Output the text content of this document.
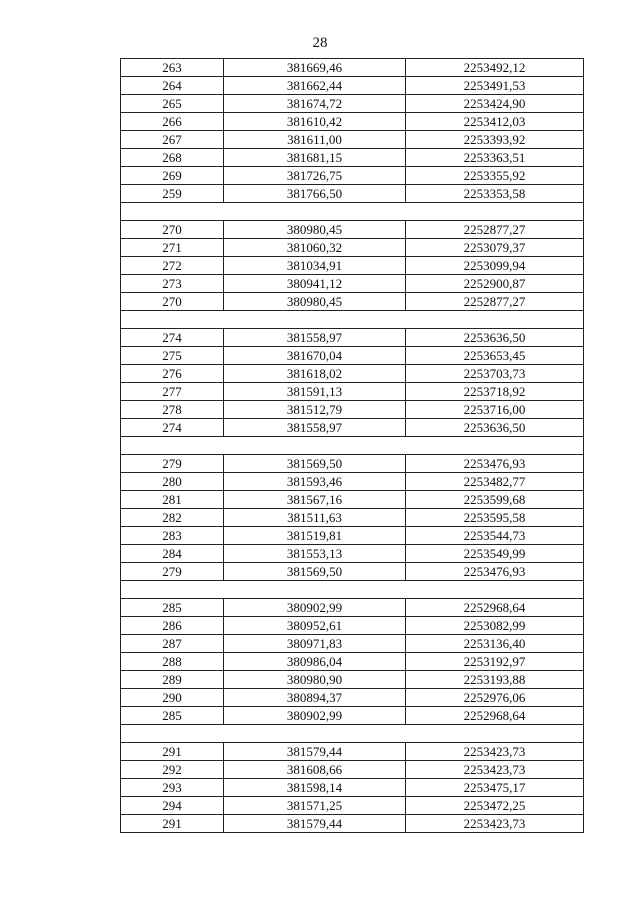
28
263	381669,46	2253492,12
264	381662,44	2253491,53
265	381674,72	2253424,90
266	381610,42	2253412,03
267	381611,00	2253393,92
268	381681,15	2253363,51
269	381726,75	2253355,92
259	381766,50	2253353,58

270	380980,45	2252877,27
271	381060,32	2253079,37
272	381034,91	2253099,94
273	380941,12	2252900,87
270	380980,45	2252877,27

274	381558,97	2253636,50
275	381670,04	2253653,45
276	381618,02	2253703,73
277	381591,13	2253718,92
278	381512,79	2253716,00
274	381558,97	2253636,50

279	381569,50	2253476,93
280	381593,46	2253482,77
281	381567,16	2253599,68
282	381511,63	2253595,58
283	381519,81	2253544,73
284	381553,13	2253549,99
279	381569,50	2253476,93

285	380902,99	2252968,64
286	380952,61	2253082,99
287	380971,83	2253136,40
288	380986,04	2253192,97
289	380980,90	2253193,88
290	380894,37	2252976,06
285	380902,99	2252968,64

291	381579,44	2253423,73
292	381608,66	2253423,73
293	381598,14	2253475,17
294	381571,25	2253472,25
291	381579,44	2253423,73
